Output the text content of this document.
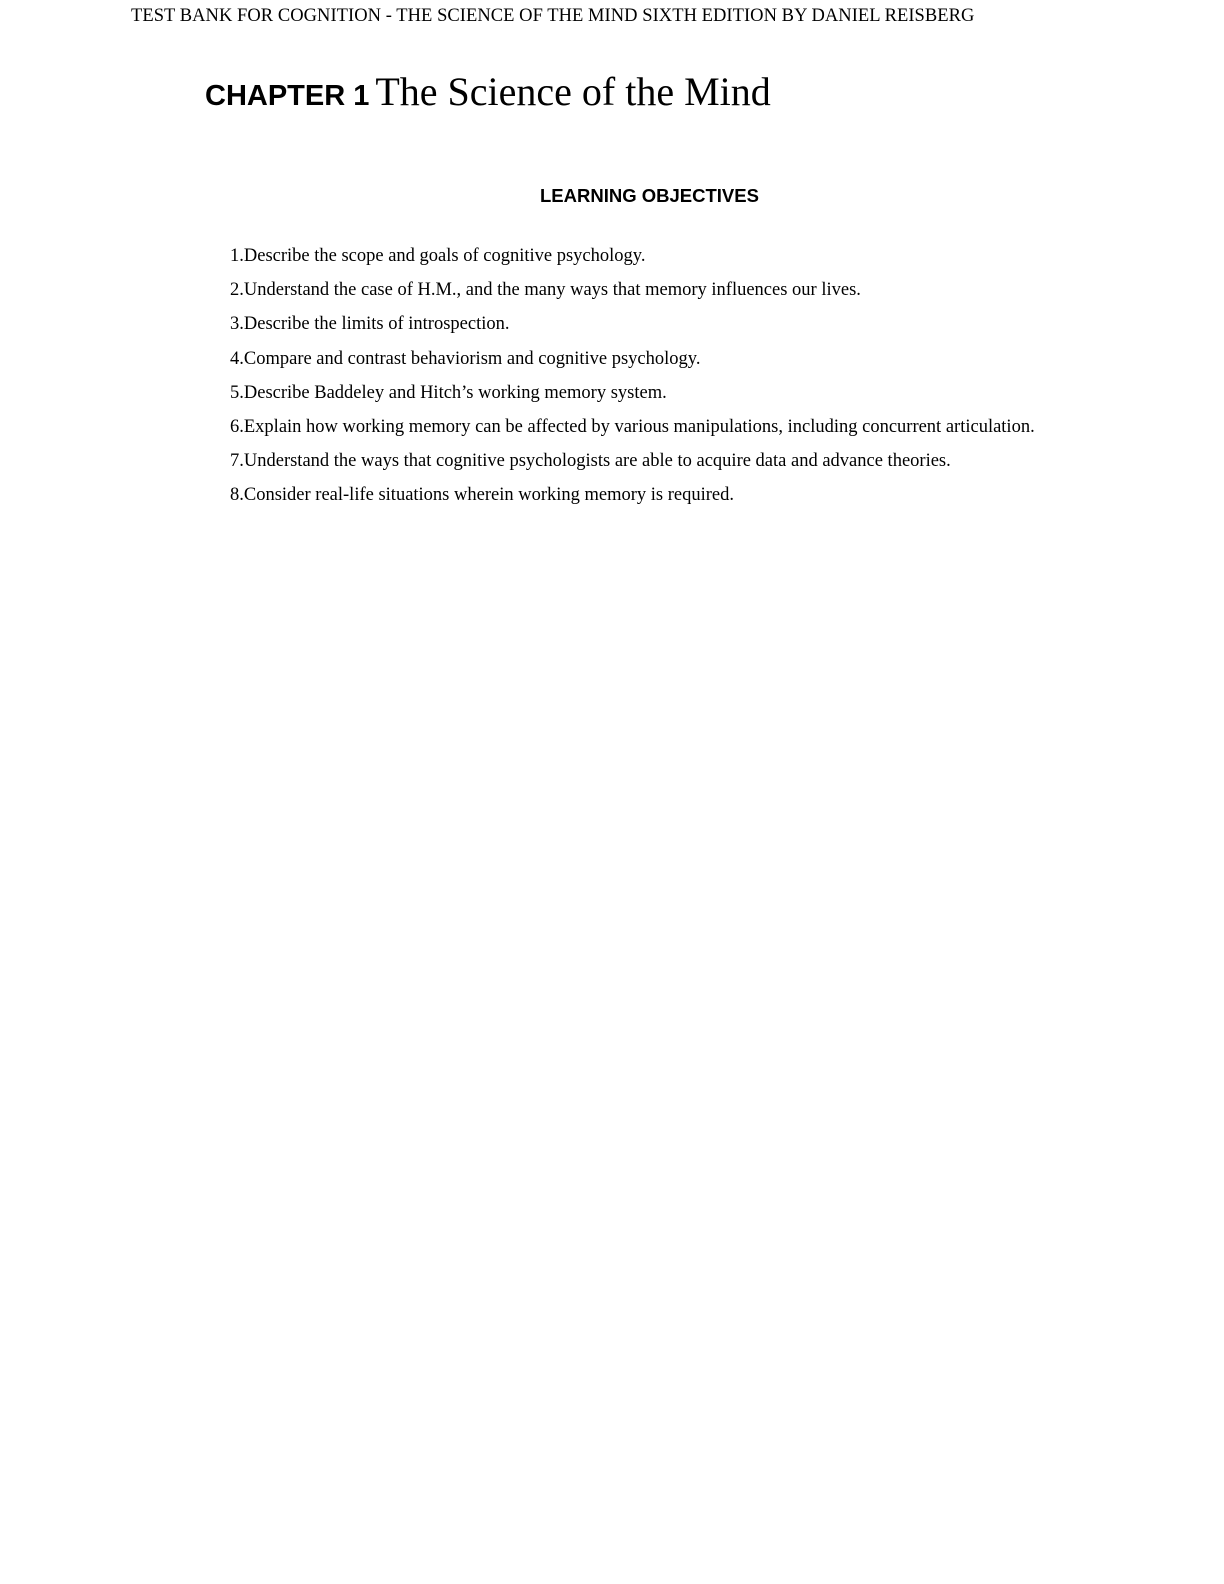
TEST BANK FOR COGNITION - THE SCIENCE OF THE MIND SIXTH EDITION BY DANIEL REISBERG
CHAPTER 1 The Science of the Mind
LEARNING OBJECTIVES
1.Describe the scope and goals of cognitive psychology.
2.Understand the case of H.M., and the many ways that memory influences our lives.
3.Describe the limits of introspection.
4.Compare and contrast behaviorism and cognitive psychology.
5.Describe Baddeley and Hitch’s working memory system.
6.Explain how working memory can be affected by various manipulations, including concurrent articulation.
7.Understand the ways that cognitive psychologists are able to acquire data and advance theories.
8.Consider real-life situations wherein working memory is required.
